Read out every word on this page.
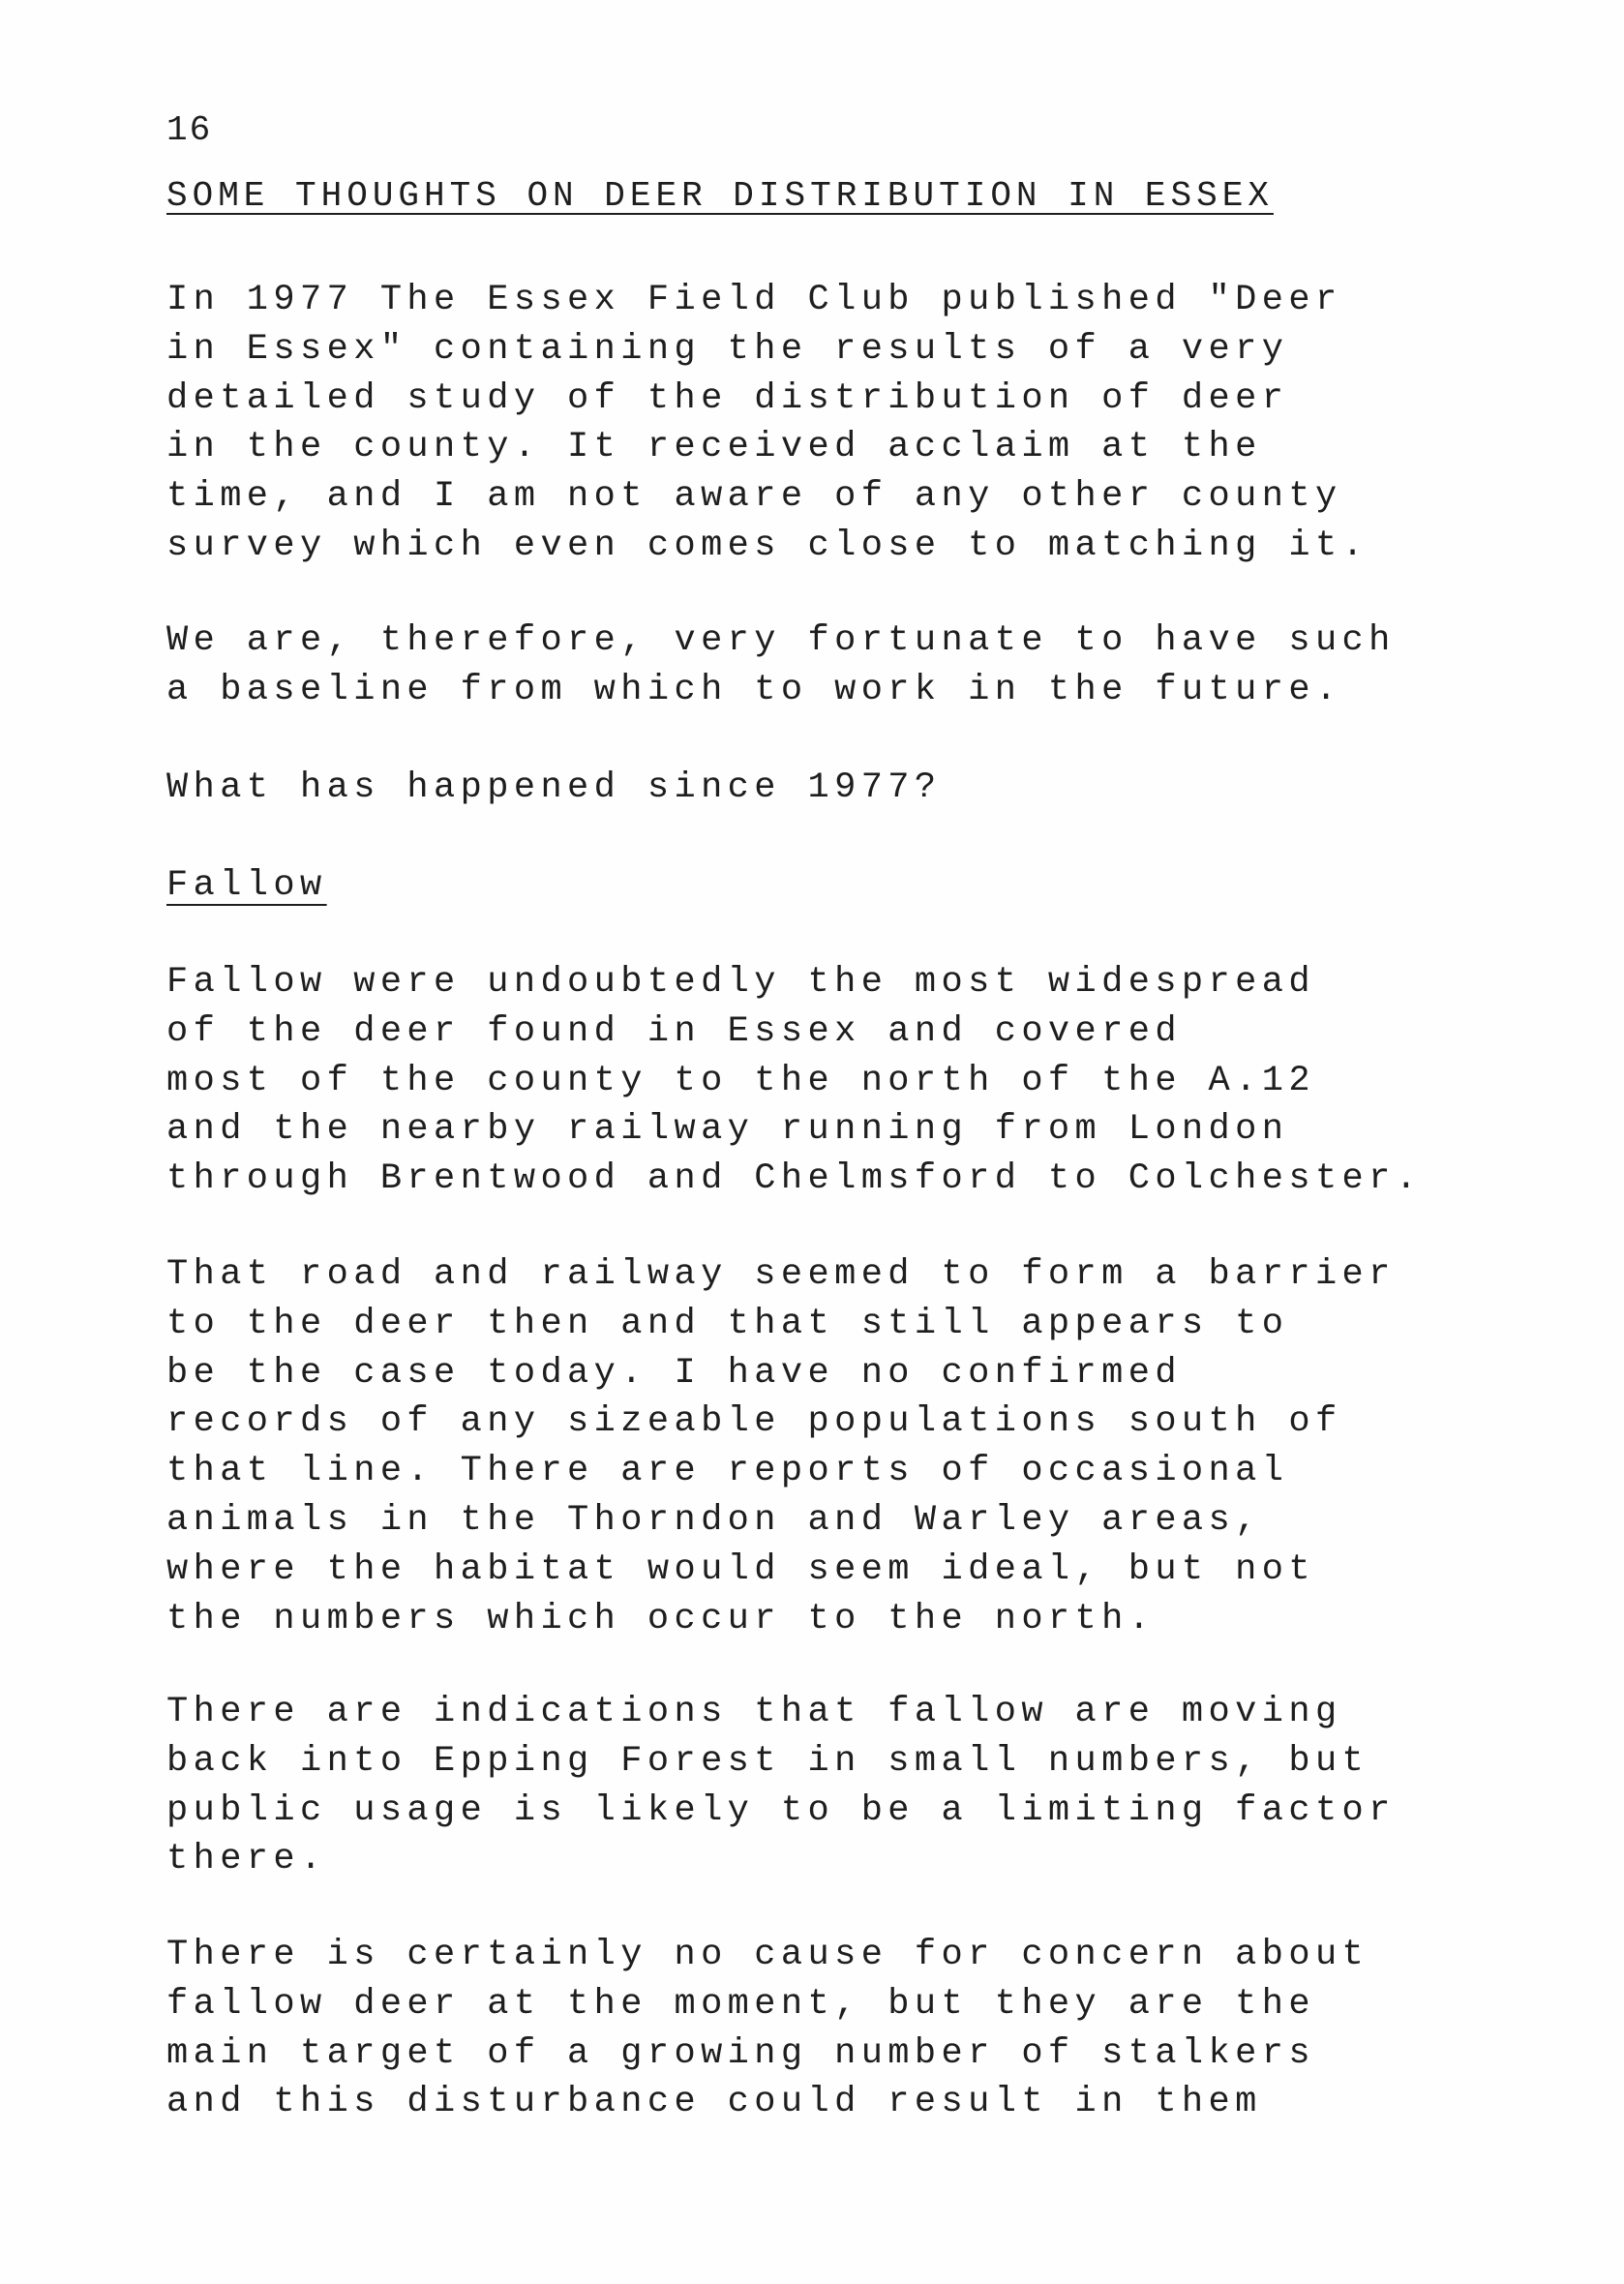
16
SOME THOUGHTS ON DEER DISTRIBUTION IN ESSEX
In 1977 The Essex Field Club published "Deer
in Essex" containing the results of a very
detailed study of the distribution of deer
in the county. It received acclaim at the
time, and I am not aware of any other county
survey which even comes close to matching it.
We are, therefore, very fortunate to have such
a baseline from which to work in the future.
What has happened since 1977?
Fallow
Fallow were undoubtedly the most widespread
of the deer found in Essex and covered
most of the county to the north of the A.12
and the nearby railway running from London
through Brentwood and Chelmsford to Colchester.
That road and railway seemed to form a barrier
to the deer then and that still appears to
be the case today. I have no confirmed
records of any sizeable populations south of
that line. There are reports of occasional
animals in the Thorndon and Warley areas,
where the habitat would seem ideal, but not
the numbers which occur to the north.
There are indications that fallow are moving
back into Epping Forest in small numbers, but
public usage is likely to be a limiting factor
there.
There is certainly no cause for concern about
fallow deer at the moment, but they are the
main target of a growing number of stalkers
and this disturbance could result in them
